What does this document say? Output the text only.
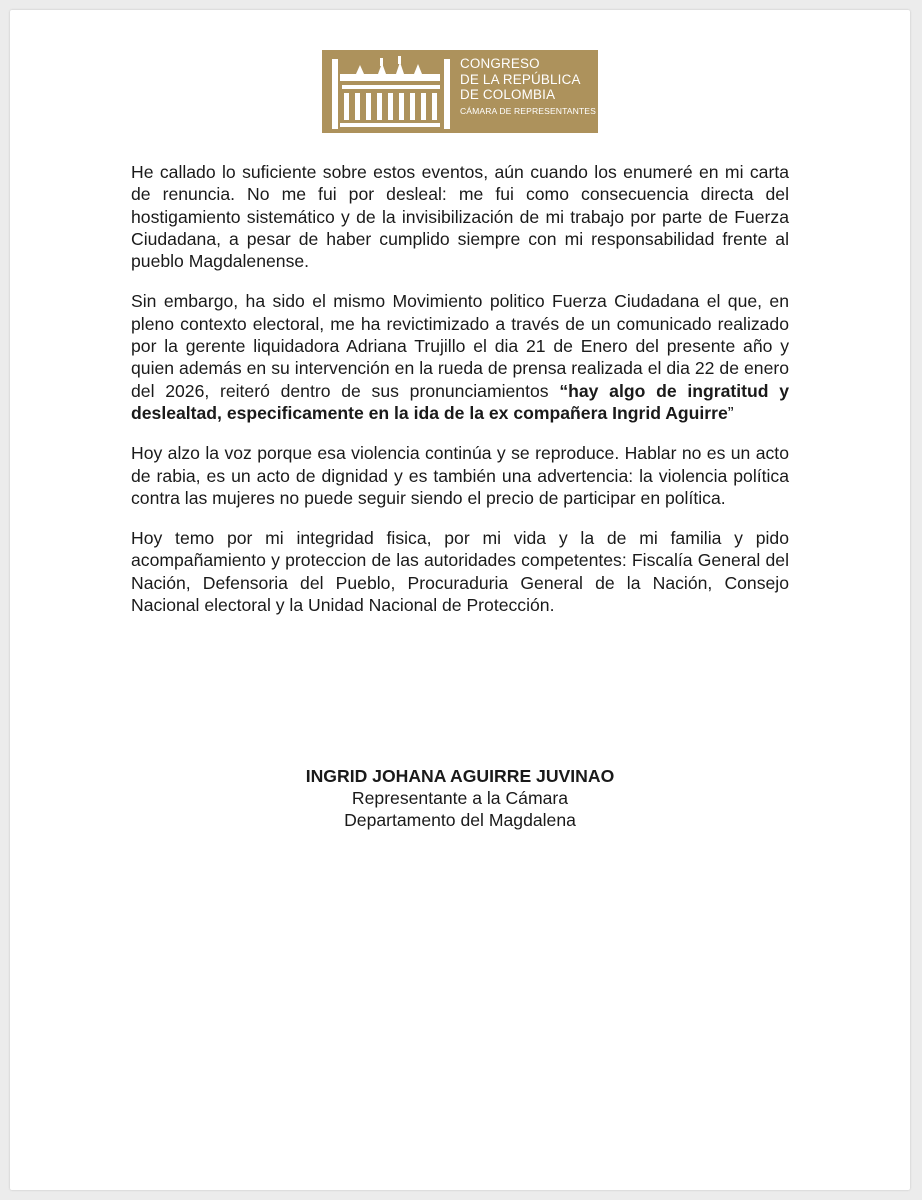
CONGRESO
DE LA REPÚBLICA
DE COLOMBIA
CÁMARA DE REPRESENTANTES

He callado lo suficiente sobre estos eventos, aún cuando los enumeré en mi carta de renuncia. No me fui por desleal: me fui como consecuencia directa del hostigamiento sistemático y de la invisibilización de mi trabajo por parte de Fuerza Ciudadana, a pesar de haber cumplido siempre con mi responsabilidad frente al pueblo Magdalenense.

Sin embargo, ha sido el mismo Movimiento politico Fuerza Ciudadana el que, en pleno contexto electoral, me ha revictimizado a través de un comunicado realizado por la gerente liquidadora Adriana Trujillo el dia 21 de Enero del presente año y quien además en su intervención en la rueda de prensa realizada el dia 22 de enero del 2026, reiteró dentro de sus pronunciamientos “hay algo de ingratitud y deslealtad, especificamente en la ida de la ex compañera Ingrid Aguirre”

Hoy alzo la voz porque esa violencia continúa y se reproduce. Hablar no es un acto de rabia, es un acto de dignidad y es también una advertencia: la violencia política contra las mujeres no puede seguir siendo el precio de participar en política.

Hoy temo por mi integridad fisica, por mi vida y la de mi familia y pido acompañamiento y proteccion de las autoridades competentes: Fiscalía General del Nación, Defensoria del Pueblo, Procuraduria General de la Nación, Consejo Nacional electoral y la Unidad Nacional de Protección.

INGRID JOHANA AGUIRRE JUVINAO
Representante a la Cámara
Departamento del Magdalena
